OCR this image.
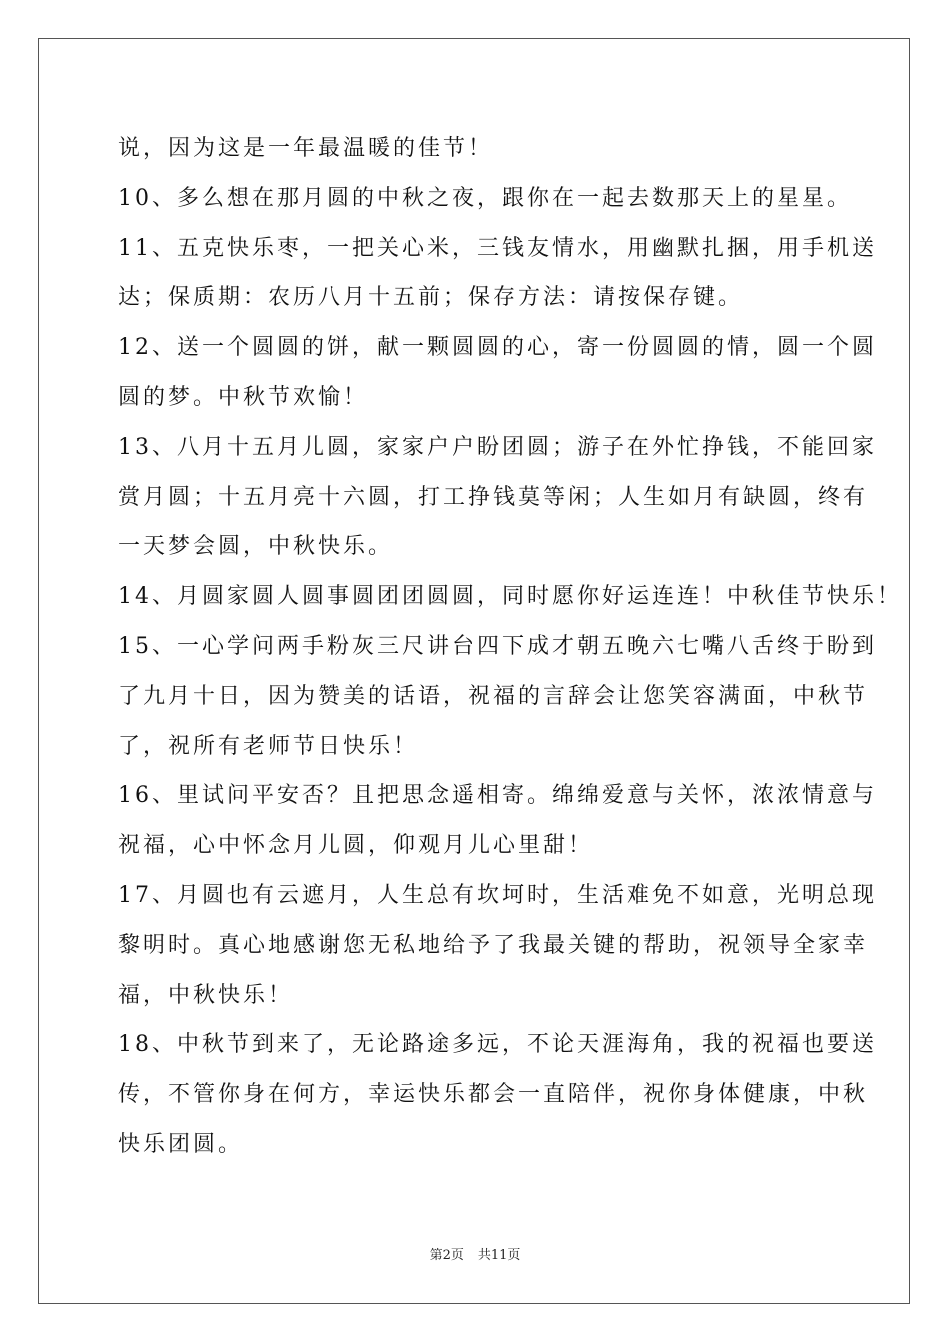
说，因为这是一年最温暖的佳节！
10、多么想在那月圆的中秋之夜，跟你在一起去数那天上的星星。
11、五克快乐枣，一把关心米，三钱友情水，用幽默扎捆，用手机送
达；保质期：农历八月十五前；保存方法：请按保存键。
12、送一个圆圆的饼，献一颗圆圆的心，寄一份圆圆的情，圆一个圆
圆的梦。中秋节欢愉！
13、八月十五月儿圆，家家户户盼团圆；游子在外忙挣钱，不能回家
赏月圆；十五月亮十六圆，打工挣钱莫等闲；人生如月有缺圆，终有
一天梦会圆，中秋快乐。
14、月圆家圆人圆事圆团团圆圆，同时愿你好运连连！中秋佳节快乐！
15、一心学问两手粉灰三尺讲台四下成才朝五晚六七嘴八舌终于盼到
了九月十日，因为赞美的话语，祝福的言辞会让您笑容满面，中秋节
了，祝所有老师节日快乐！
16、里试问平安否？且把思念遥相寄。绵绵爱意与关怀，浓浓情意与
祝福，心中怀念月儿圆，仰观月儿心里甜！
17、月圆也有云遮月，人生总有坎坷时，生活难免不如意，光明总现
黎明时。真心地感谢您无私地给予了我最关键的帮助，祝领导全家幸
福，中秋快乐！
18、中秋节到来了，无论路途多远，不论天涯海角，我的祝福也要送
传，不管你身在何方，幸运快乐都会一直陪伴，祝你身体健康，中秋
快乐团圆。
第2页 共11页
